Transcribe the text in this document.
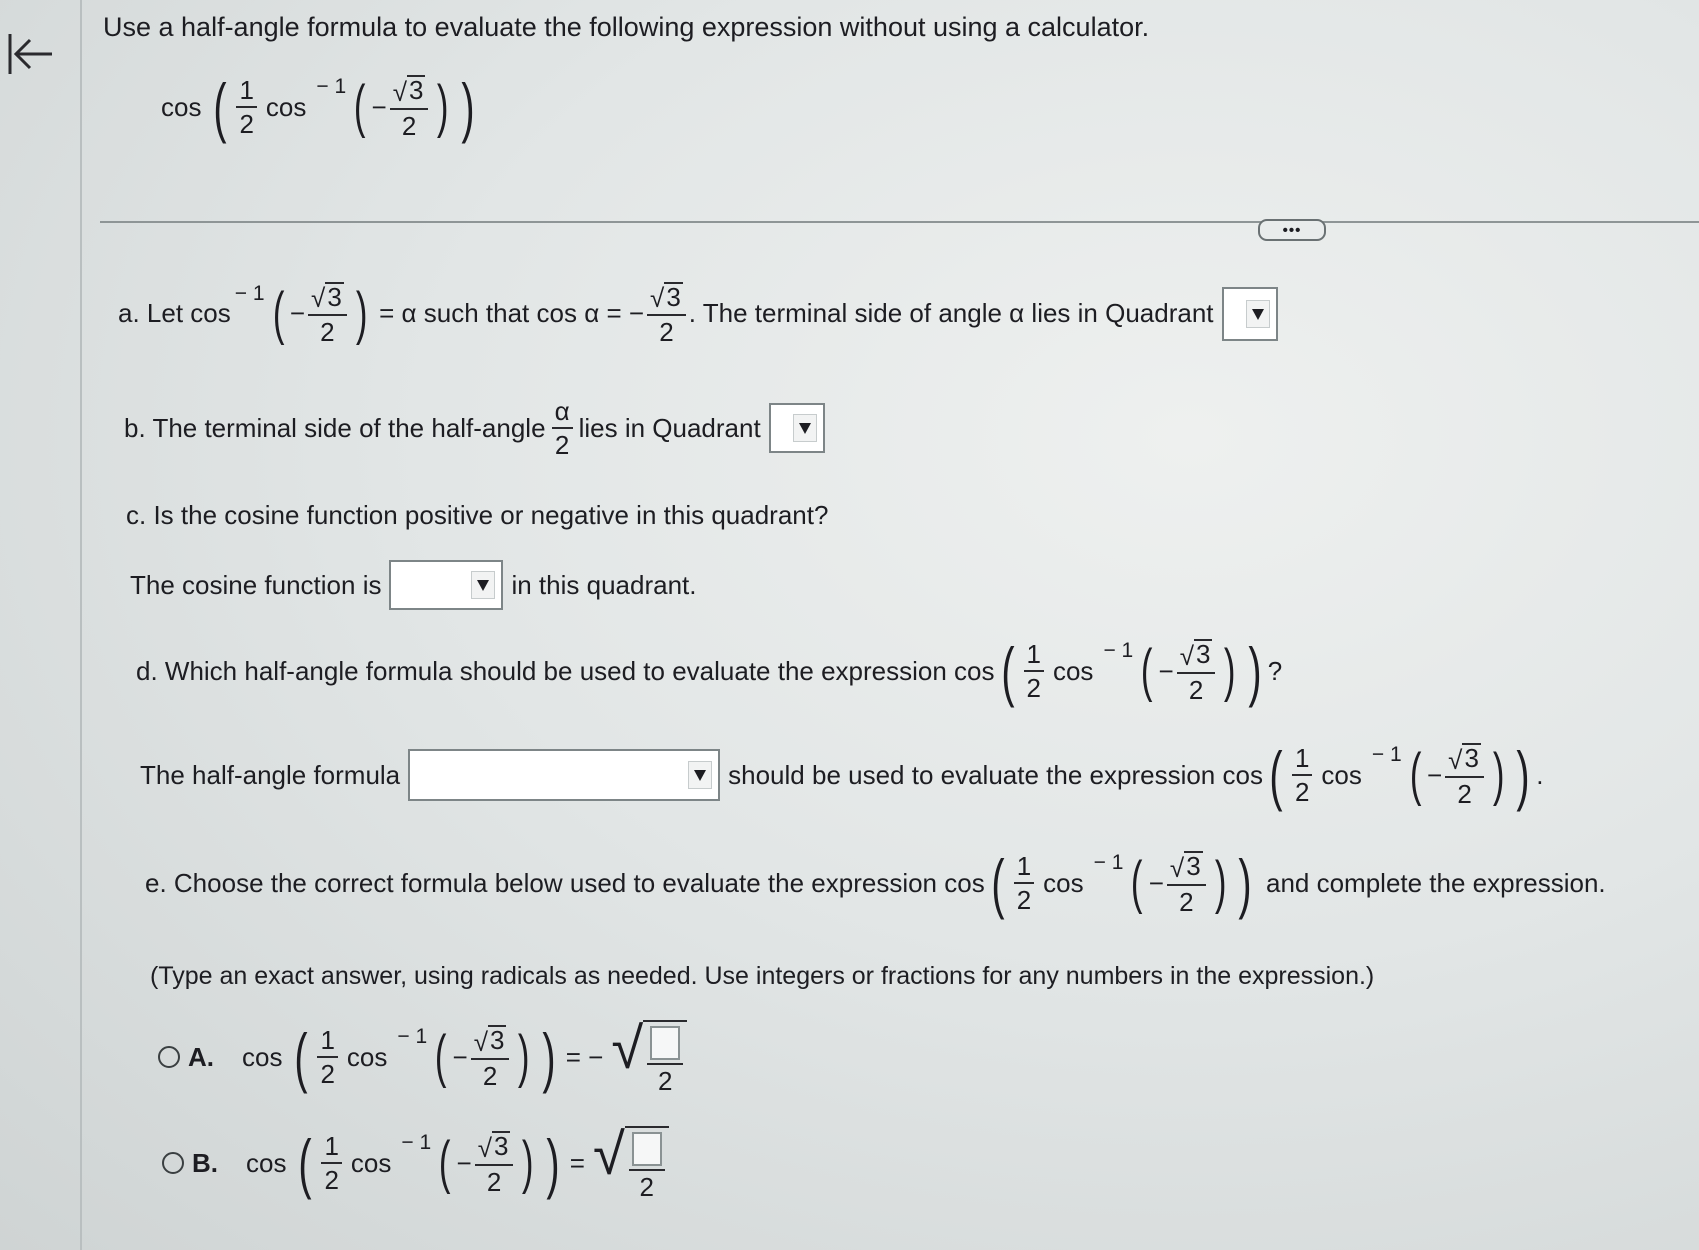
Use a half-angle formula to evaluate the following expression without using a calculator.
cos ( $\frac{1}{2}$ cos
− 1 ( − $\frac{√ 3}{2}$ ) )
•••
a. Let cos
− 1 ( − $\frac{√ 3}{2}$ ) = α such that cos α = − $\frac{√ 3}{2}$ . The terminal side of angle α lies in Quadrant
b. The terminal side of the half-angle $\frac{\alpha}{2}$ lies in Quadrant
c. Is the cosine function positive or negative in this quadrant?
The cosine function is	in this quadrant.
d. Which half-angle formula should be used to evaluate the expression cos ( $\frac{1}{2}$ cos
− 1 ( − $\frac{√ 3}{2}$ ) ) ?
The half-angle formula	should be used to evaluate the expression cos ( $\frac{1}{2}$ cos
− 1 ( − $\frac{√ 3}{2}$ ) ) .
e. Choose the correct formula below used to evaluate the expression cos ( $\frac{1}{2}$ cos
− 1 ( − $\frac{√ 3}{2}$ ) ) and complete the expression.
(Type an exact answer, using radicals as needed. Use integers or fractions for any numbers in the expression.)
A. cos ( $\frac{1}{2}$ cos
− 1 ( − $\frac{√ 3}{2}$ ) ) = − √ 2
B. cos ( $\frac{1}{2}$ cos
− 1 ( − $\frac{√ 3}{2}$ ) ) = √ 2
